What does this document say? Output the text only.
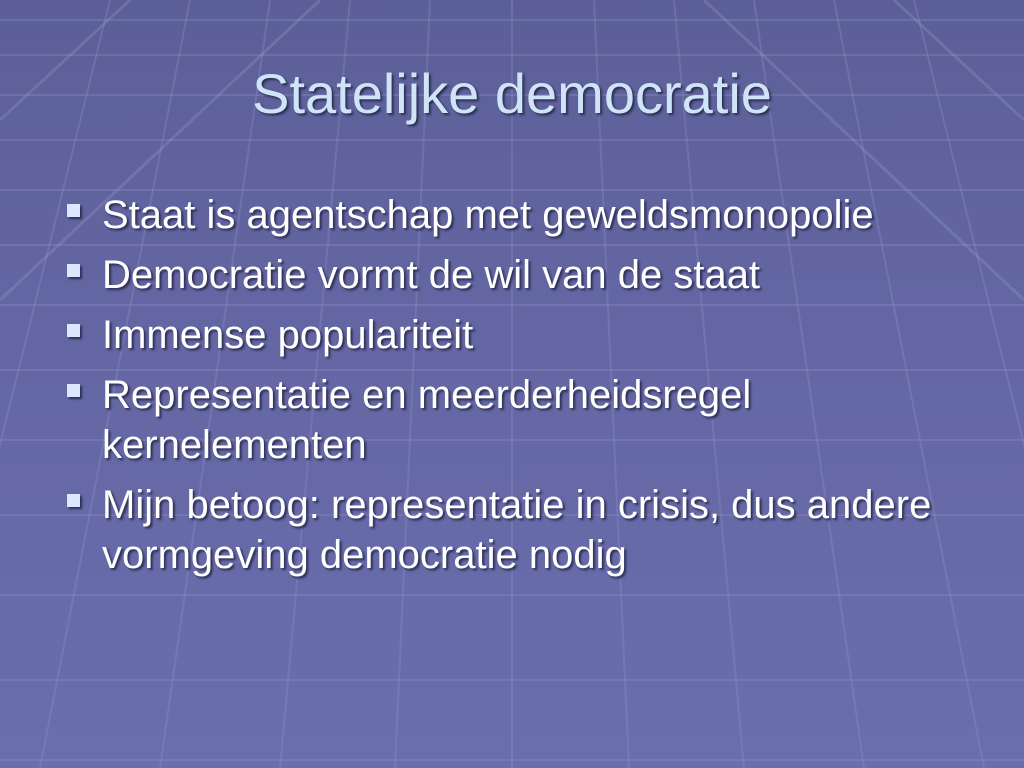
Statelijke democratie
Staat is agentschap met geweldsmonopolie
Democratie vormt de wil van de staat
Immense populariteit
Representatie en meerderheidsregel kernelementen
Mijn betoog: representatie in crisis, dus andere vormgeving democratie nodig
